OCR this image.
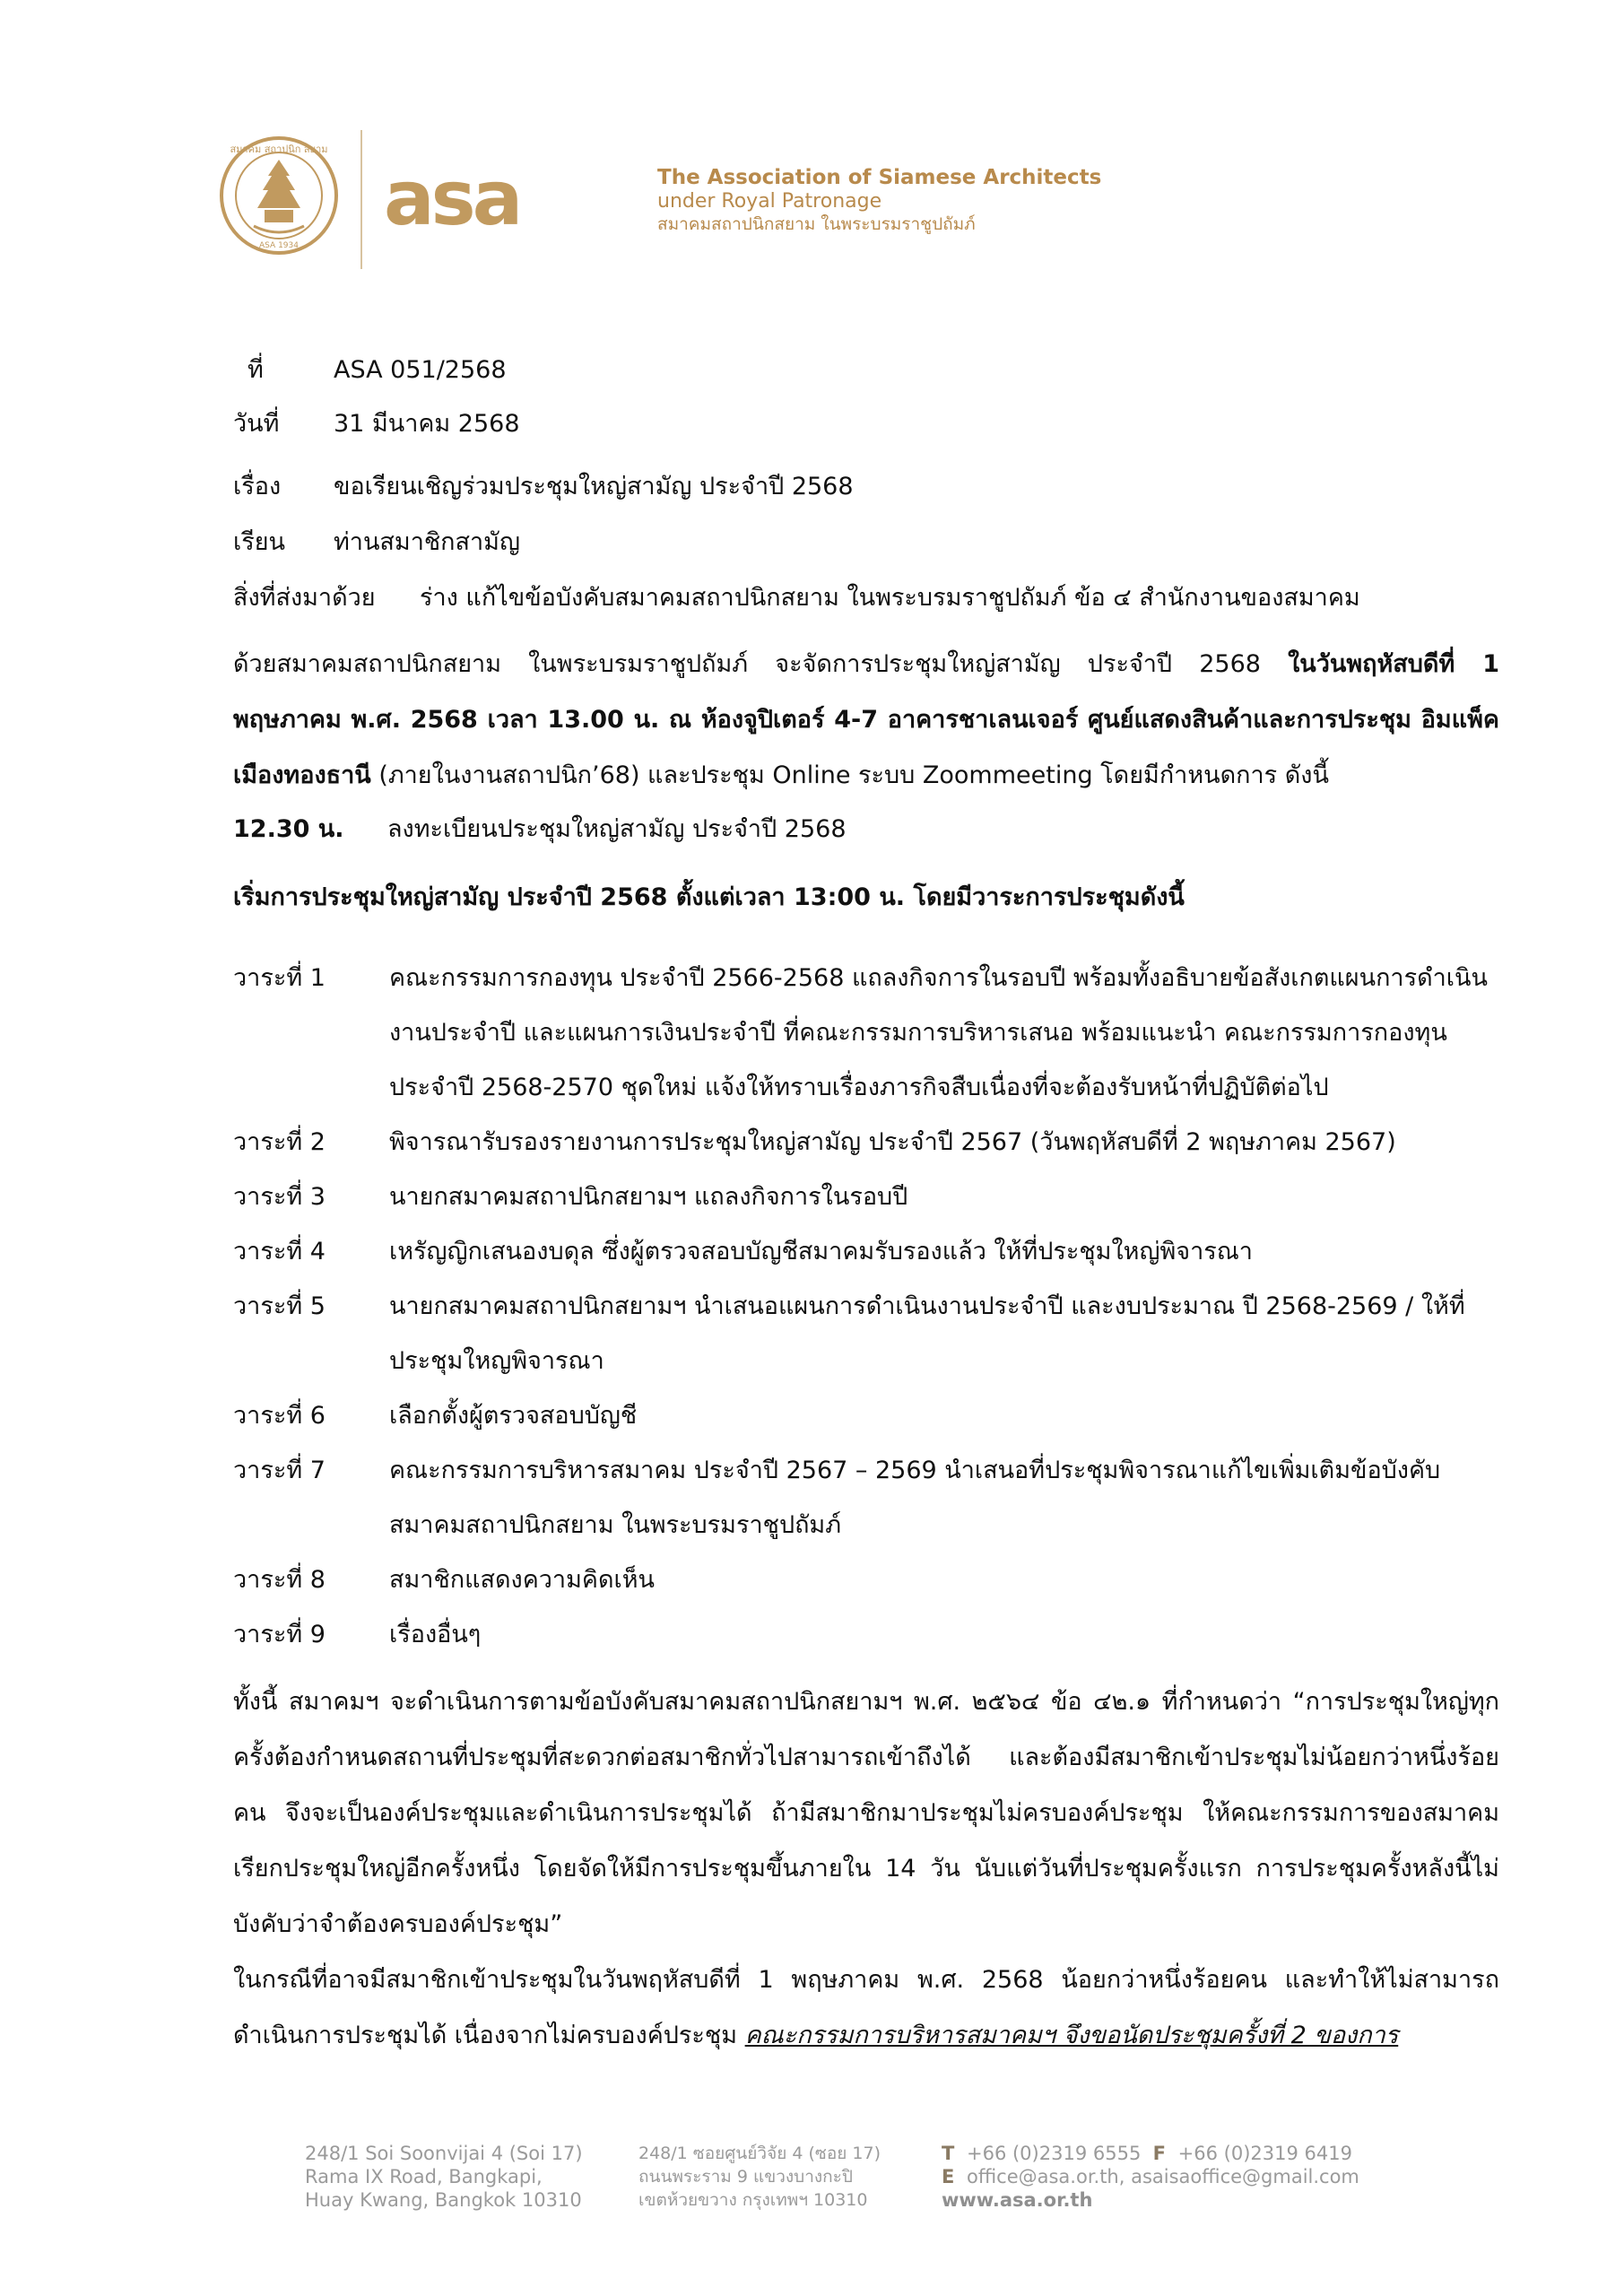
สมาคม สถาปนิก สยาม
ASA 1934
asa	The Association of Siamese Architects
under Royal Patronage
สมาคมสถาปนิกสยาม ในพระบรมราชูปถัมภ์
ที่	ASA 051/2568
วันที่	31 มีนาคม 2568
เรื่อง	ขอเรียนเชิญร่วมประชุมใหญ่สามัญ ประจำปี 2568
เรียน	ท่านสมาชิกสามัญ
สิ่งที่ส่งมาด้วย	ร่าง แก้ไขข้อบังคับสมาคมสถาปนิกสยาม ในพระบรมราชูปถัมภ์ ข้อ ๔ สำนักงานของสมาคม

ด้วยสมาคมสถาปนิกสยาม ในพระบรมราชูปถัมภ์ จะจัดการประชุมใหญ่สามัญ ประจำปี 2568 ในวันพฤหัสบดีที่ 1 พฤษภาคม พ.ศ. 2568 เวลา 13.00 น. ณ ห้องจูปิเตอร์ 4-7 อาคารชาเลนเจอร์ ศูนย์แสดงสินค้าและการประชุม อิมแพ็ค เมืองทองธานี (ภายในงานสถาปนิก’68) และประชุม Online ระบบ Zoommeeting โดยมีกำหนดการ ดังนี้

12.30 น.	ลงทะเบียนประชุมใหญ่สามัญ ประจำปี 2568
เริ่มการประชุมใหญ่สามัญ ประจำปี 2568 ตั้งแต่เวลา 13:00 น. โดยมีวาระการประชุมดังนี้
วาระที่ 1	คณะกรรมการกองทุน ประจำปี 2566-2568 แถลงกิจการในรอบปี พร้อมทั้งอธิบายข้อสังเกตแผนการดำเนินงานประจำปี และแผนการเงินประจำปี ที่คณะกรรมการบริหารเสนอ พร้อมแนะนำ คณะกรรมการกองทุนประจำปี 2568-2570 ชุดใหม่ แจ้งให้ทราบเรื่องภารกิจสืบเนื่องที่จะต้องรับหน้าที่ปฏิบัติต่อไป
วาระที่ 2	พิจารณารับรองรายงานการประชุมใหญ่สามัญ ประจำปี 2567 (วันพฤหัสบดีที่ 2 พฤษภาคม 2567)
วาระที่ 3	นายกสมาคมสถาปนิกสยามฯ แถลงกิจการในรอบปี
วาระที่ 4	เหรัญญิกเสนองบดุล ซึ่งผู้ตรวจสอบบัญชีสมาคมรับรองแล้ว ให้ที่ประชุมใหญ่พิจารณา
วาระที่ 5	นายกสมาคมสถาปนิกสยามฯ นำเสนอแผนการดำเนินงานประจำปี และงบประมาณ ปี 2568-2569 / ให้ที่ประชุมใหญพิจารณา
วาระที่ 6	เลือกตั้งผู้ตรวจสอบบัญชี
วาระที่ 7	คณะกรรมการบริหารสมาคม ประจำปี 2567 – 2569 นำเสนอที่ประชุมพิจารณาแก้ไขเพิ่มเติมข้อบังคับสมาคมสถาปนิกสยาม ในพระบรมราชูปถัมภ์
วาระที่ 8	สมาชิกแสดงความคิดเห็น
วาระที่ 9	เรื่องอื่นๆ
ทั้งนี้ สมาคมฯ จะดำเนินการตามข้อบังคับสมาคมสถาปนิกสยามฯ พ.ศ. ๒๕๖๔ ข้อ ๔๒.๑ ที่กำหนดว่า “การประชุมใหญ่ทุกครั้งต้องกำหนดสถานที่ประชุมที่สะดวกต่อสมาชิกทั่วไปสามารถเข้าถึงได้ และต้องมีสมาชิกเข้าประชุมไม่น้อยกว่าหนึ่งร้อยคน จึงจะเป็นองค์ประชุมและดำเนินการประชุมได้ ถ้ามีสมาชิกมาประชุมไม่ครบองค์ประชุม ให้คณะกรรมการของสมาคมเรียกประชุมใหญ่อีกครั้งหนึ่ง โดยจัดให้มีการประชุมขึ้นภายใน 14 วัน นับแต่วันที่ประชุมครั้งแรก การประชุมครั้งหลังนี้ไม่บังคับว่าจำต้องครบองค์ประชุม”
ในกรณีที่อาจมีสมาชิกเข้าประชุมในวันพฤหัสบดีที่ 1 พฤษภาคม พ.ศ. 2568 น้อยกว่าหนึ่งร้อยคน และทำให้ไม่สามารถดำเนินการประชุมได้ เนื่องจากไม่ครบองค์ประชุม คณะกรรมการบริหารสมาคมฯ จึงขอนัดประชุมครั้งที่ 2 ของการ
248/1 Soi Soonvijai 4 (Soi 17)
Rama IX Road, Bangkapi,
Huay Kwang, Bangkok 10310
248/1 ซอยศูนย์วิจัย 4 (ซอย 17)
ถนนพระราม 9 แขวงบางกะปิ
เขตห้วยขวาง กรุงเทพฯ 10310
T +66 (0)2319 6555 F +66 (0)2319 6419
E office@asa.or.th, asaisaoffice@gmail.com
www.asa.or.th
